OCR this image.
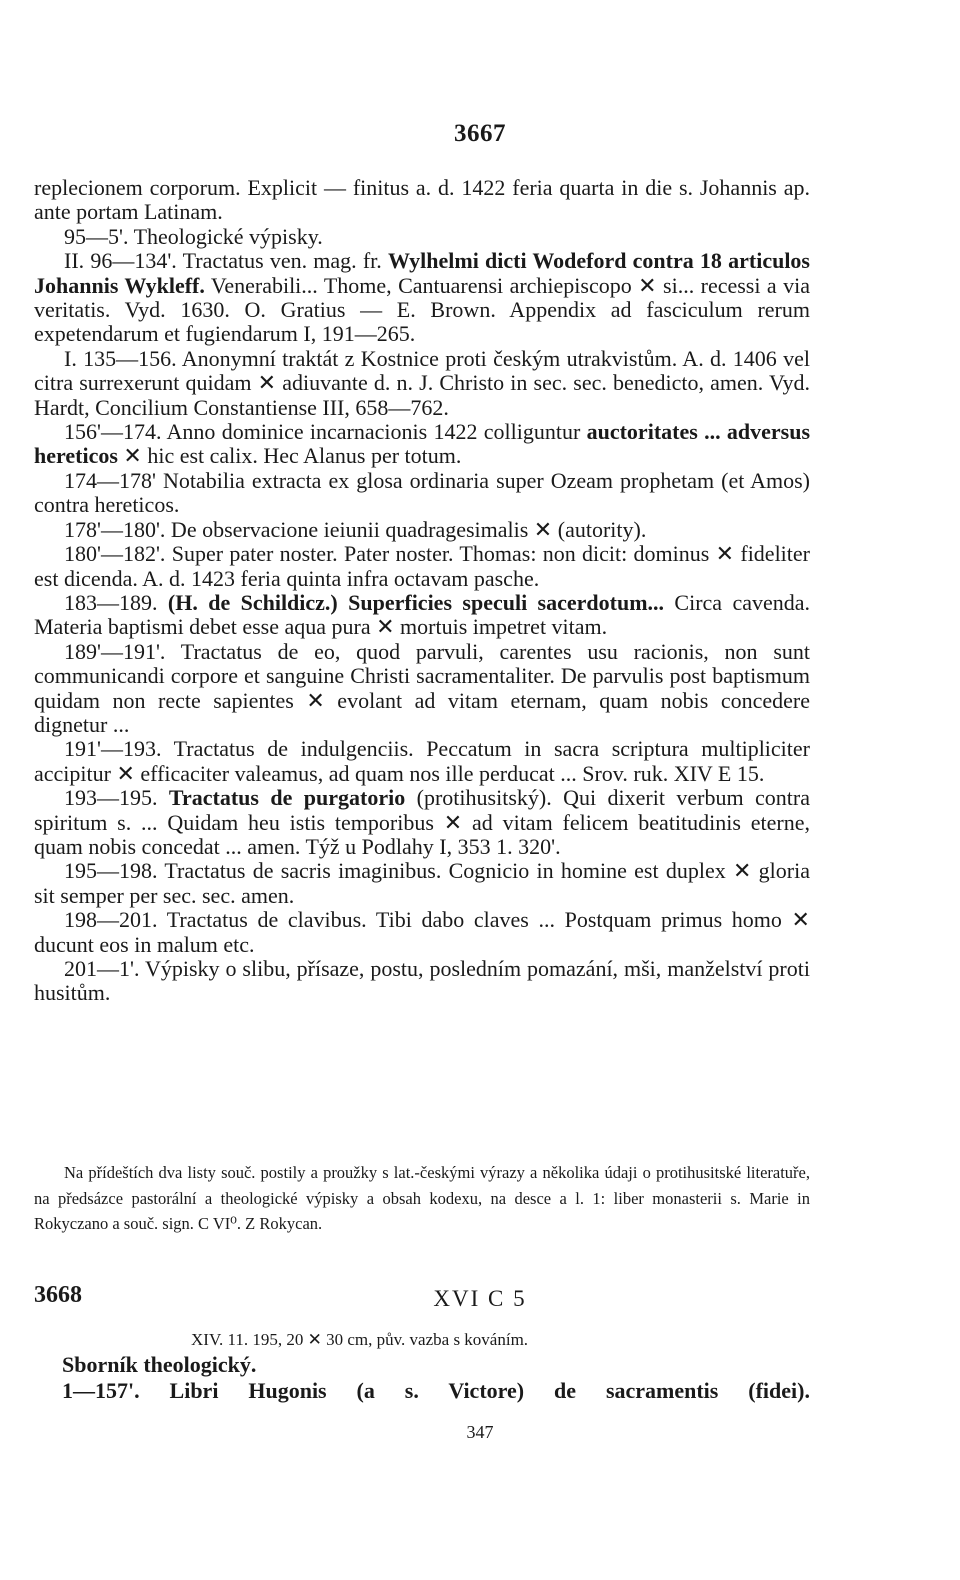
3667

replecionem corporum. Explicit — finitus a. d. 1422 feria quarta in die s. Johannis ap. ante portam Latinam.

95—5'. Theologické výpisky.

II. 96—134'. Tractatus ven. mag. fr. Wylhelmi dicti Wodeford contra 18 articulos Johannis Wykleff. Venerabili... Thome, Cantuarensi archiepiscopo ✕ si... recessi a via veritatis. Vyd. 1630. O. Gratius — E. Brown. Appendix ad fasciculum rerum expetendarum et fugiendarum I, 191—265.

I. 135—156. Anonymní traktát z Kostnice proti českým utrakvistům. A. d. 1406 vel citra surrexerunt quidam ✕ adiuvante d. n. J. Christo in sec. sec. benedicto, amen. Vyd. Hardt, Concilium Constantiense III, 658—762.

156'—174. Anno dominice incarnacionis 1422 colliguntur auctoritates ... adversus hereticos ✕ hic est calix. Hec Alanus per totum.

174—178' Notabilia extracta ex glosa ordinaria super Ozeam prophetam (et Amos) contra hereticos.

178'—180'. De observacione ieiunii quadragesimalis ✕ (autority).

180'—182'. Super pater noster. Pater noster. Thomas: non dicit: dominus ✕ fideliter est dicenda. A. d. 1423 feria quinta infra octavam pasche.

183—189. (H. de Schildicz.) Superficies speculi sacerdotum... Circa cavenda. Materia baptismi debet esse aqua pura ✕ mortuis impetret vitam.

189'—191'. Tractatus de eo, quod parvuli, carentes usu racionis, non sunt communicandi corpore et sanguine Christi sacramentaliter. De parvulis post baptismum quidam non recte sapientes ✕ evolant ad vitam eternam, quam nobis concedere dignetur ...

191'—193. Tractatus de indulgenciis. Peccatum in sacra scriptura multipliciter accipitur ✕ efficaciter valeamus, ad quam nos ille perducat ... Srov. ruk. XIV E 15.

193—195. Tractatus de purgatorio (protihusitský). Qui dixerit verbum contra spiritum s. ... Quidam heu istis temporibus ✕ ad vitam felicem beatitudinis eterne, quam nobis concedat ... amen. Týž u Podlahy I, 353 1. 320'.

195—198. Tractatus de sacris imaginibus. Cognicio in homine est duplex ✕ gloria sit semper per sec. sec. amen.

198—201. Tractatus de clavibus. Tibi dabo claves ... Postquam primus homo ✕ ducunt eos in malum etc.

201—1'. Výpisky o slibu, přísaze, postu, posledním pomazání, mši, manželství proti husitům.

Na přídeštích dva listy souč. postily a proužky s lat.-českými výrazy a několika údaji o protihusitské literatuře, na předsázce pastorální a theologické výpisky a obsah kodexu, na desce a l. 1: liber monasterii s. Marie in Rokyczano a souč. sign. C VI⁰. Z Rokycan.
3668	XVI C 5
XIV. 11. 195, 20 ✕ 30 cm, pův. vazba s kováním.
Sborník theologický.
1—157'. Libri Hugonis (a s. Victore) de sacramentis (fidei).
347
